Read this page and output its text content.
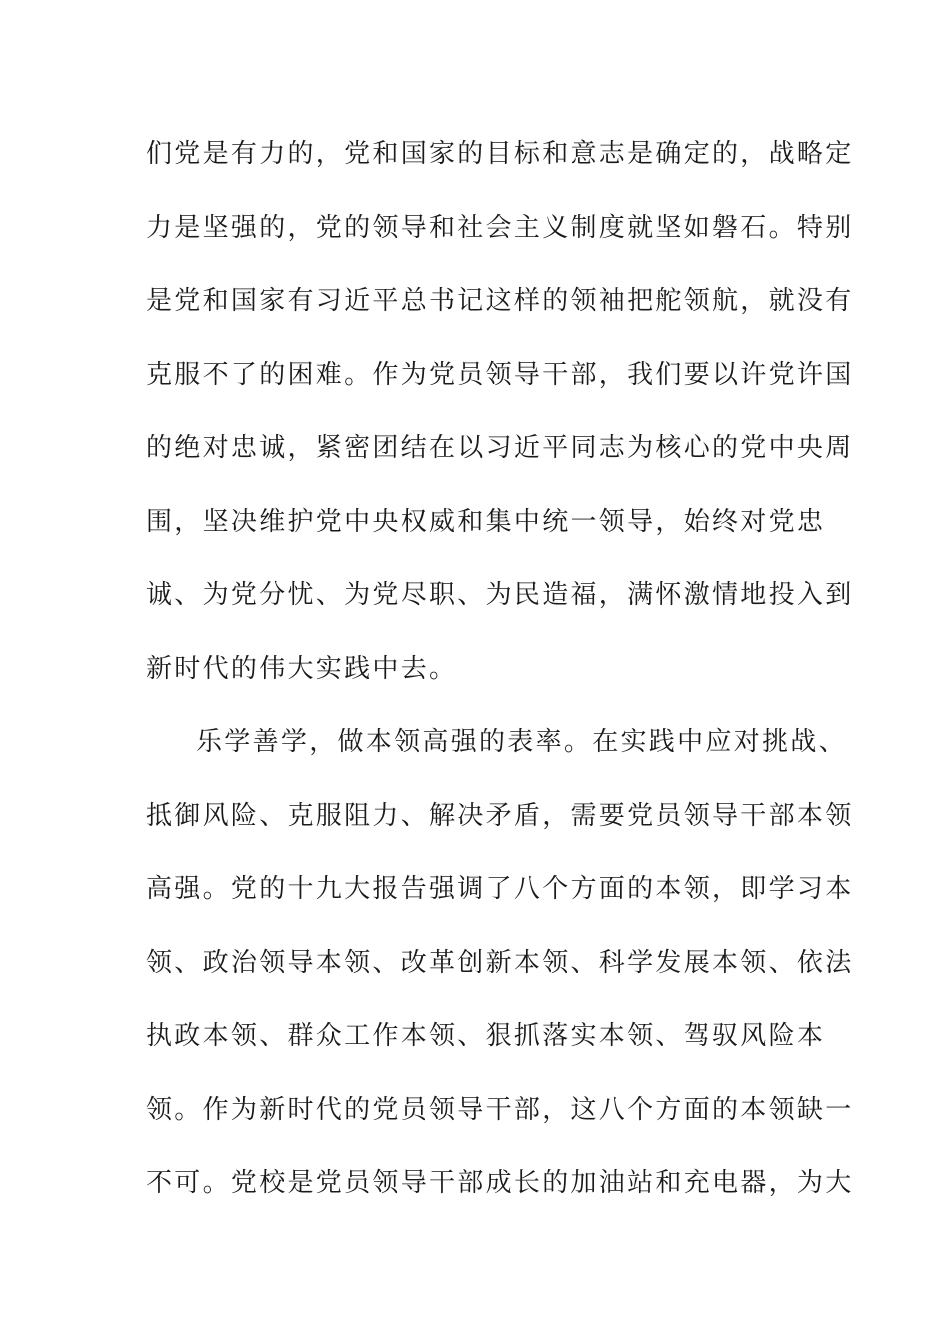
们党是有力的，党和国家的目标和意志是确定的，战略定
力是坚强的，党的领导和社会主义制度就坚如磐石。特别
是党和国家有习近平总书记这样的领袖把舵领航，就没有
克服不了的困难。作为党员领导干部，我们要以许党许国
的绝对忠诚，紧密团结在以习近平同志为核心的党中央周
围，坚决维护党中央权威和集中统一领导，始终对党忠
诚、为党分忧、为党尽职、为民造福，满怀激情地投入到
新时代的伟大实践中去。
乐学善学，做本领高强的表率。在实践中应对挑战、
抵御风险、克服阻力、解决矛盾，需要党员领导干部本领
高强。党的十九大报告强调了八个方面的本领，即学习本
领、政治领导本领、改革创新本领、科学发展本领、依法
执政本领、群众工作本领、狠抓落实本领、驾驭风险本
领。作为新时代的党员领导干部，这八个方面的本领缺一
不可。党校是党员领导干部成长的加油站和充电器，为大
